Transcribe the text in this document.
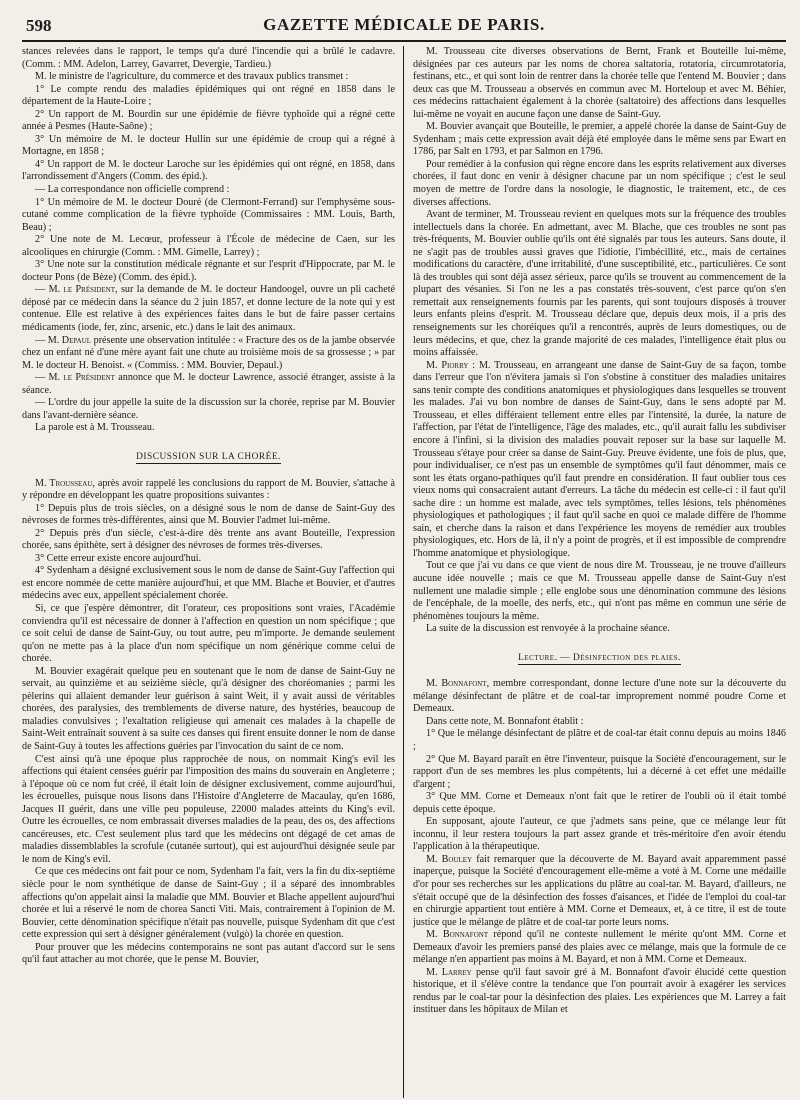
598	GAZETTE MÉDICALE DE PARIS.

stances relevées dans le rapport, le temps qu'a duré l'incendie qui a brûlé le cadavre. (Comm. : MM. Adelon, Larrey, Gavarret, Devergie, Tardieu.)

M. le ministre de l'agriculture, du commerce et des travaux publics transmet :

1° Le compte rendu des maladies épidémiques qui ont régné en 1858 dans le département de la Haute-Loire ;

2° Un rapport de M. Bourdin sur une épidémie de fièvre typhoïde qui a régné cette année à Pesmes (Haute-Saône) ;

3° Un mémoire de M. le docteur Hullin sur une épidémie de croup qui a régné à Mortagne, en 1858 ;

4° Un rapport de M. le docteur Laroche sur les épidémies qui ont régné, en 1858, dans l'arrondissement d'Angers (Comm. des épid.).

— La correspondance non officielle comprend :

1° Un mémoire de M. le docteur Douré (de Clermont-Ferrand) sur l'emphysème sous-cutané comme complication de la fièvre typhoïde (Commissaires : MM. Louis, Barth, Beau) ;

2° Une note de M. Lecœur, professeur à l'École de médecine de Caen, sur les alcooliques en chirurgie (Comm. : MM. Gimelle, Larrey) ;

3° Une note sur la constitution médicale régnante et sur l'esprit d'Hippocrate, par M. le docteur Pons (de Bèze) (Comm. des épid.).

— M. le Président, sur la demande de M. le docteur Handoogel, ouvre un pli cacheté déposé par ce médecin dans la séance du 2 juin 1857, et donne lecture de la note qui y est contenue. Elle est relative à des expériences faites dans le but de faire passer certains médicaments (iode, fer, zinc, arsenic, etc.) dans le lait des animaux.

— M. Depaul présente une observation intitulée : « Fracture des os de la jambe observée chez un enfant né d'une mère ayant fait une chute au troisième mois de sa grossesse ; » par M. le docteur H. Benoist. « (Commiss. : MM. Bouvier, Depaul.)

— M. le Président annonce que M. le docteur Lawrence, associé étranger, assiste à la séance.

— L'ordre du jour appelle la suite de la discussion sur la chorée, reprise par M. Bouvier dans l'avant-dernière séance.

La parole est à M. Trousseau.

DISCUSSION SUR LA CHORÉE.

M. Trousseau, après avoir rappelé les conclusions du rapport de M. Bouvier, s'attache à y répondre en développant les quatre propositions suivantes :

1° Depuis plus de trois siècles, on a désigné sous le nom de danse de Saint-Guy des névroses de formes très-différentes, ainsi que M. Bouvier l'admet lui-même.

2° Depuis près d'un siècle, c'est-à-dire dès trente ans avant Bouteille, l'expression chorée, sans épithète, sert à désigner des névroses de formes très-diverses.

3° Cette erreur existe encore aujourd'hui.

4° Sydenham a désigné exclusivement sous le nom de danse de Saint-Guy l'affection qui est encore nommée de cette manière aujourd'hui, et que MM. Blache et Bouvier, et d'autres médecins avec eux, appellent spécialement chorée.

Si, ce que j'espère démontrer, dit l'orateur, ces propositions sont vraies, l'Académie conviendra qu'il est nécessaire de donner à l'affection en question un nom spécifique ; que ce soit celui de danse de Saint-Guy, ou tout autre, peu m'importe. Je demande seulement qu'on ne mette pas à la place d'un nom spécifique un nom générique comme celui de chorée.

M. Bouvier exagérait quelque peu en soutenant que le nom de danse de Saint-Guy ne servait, au quinzième et au seizième siècle, qu'à désigner des choréomanies ; parmi les pèlerins qui allaient demander leur guérison à saint Weit, il y avait aussi de véritables chorées, des paralysies, des tremblements de diverse nature, des hystéries, beaucoup de maladies convulsives ; l'exaltation religieuse qui amenait ces malades à la chapelle de Saint-Weit entraînait souvent à sa suite ces danses qui firent ensuite donner le nom de danse de Saint-Guy à toutes les affections guéries par l'invocation du saint de ce nom.

C'est ainsi qu'à une époque plus rapprochée de nous, on nommait King's evil les affections qui étaient censées guérir par l'imposition des mains du souverain en Angleterre ; à l'époque où ce nom fut créé, il était loin de désigner exclusivement, comme aujourd'hui, les écrouelles, puisque nous lisons dans l'Histoire d'Angleterre de Macaulay, qu'en 1686, Jacques II guérit, dans une ville peu populeuse, 22000 malades atteints du King's evil. Outre les écrouelles, ce nom embrassait diverses maladies de la peau, des os, des affections cancéreuses, etc. C'est seulement plus tard que les médecins ont dégagé de cet amas de maladies dissemblables la scrofule (cutanée surtout), qui est aujourd'hui désignée seule par le nom de King's evil.

Ce que ces médecins ont fait pour ce nom, Sydenham l'a fait, vers la fin du dix-septième siècle pour le nom synthétique de danse de Saint-Guy ; il a séparé des innombrables affections qu'on appelait ainsi la maladie que MM. Bouvier et Blache appellent aujourd'hui chorée et lui a réservé le nom de chorea Sancti Viti. Mais, contrairement à l'opinion de M. Bouvier, cette dénomination spécifique n'était pas nouvelle, puisque Sydenham dit que c'est cette expression qui sert à désigner généralement (vulgò) la chorée en question.

Pour prouver que les médecins contemporains ne sont pas autant d'accord sur le sens qu'il faut attacher au mot chorée, que le pense M. Bouvier,

M. Trousseau cite diverses observations de Bernt, Frank et Bouteille lui-même, désignées par ces auteurs par les noms de chorea saltatoria, rotatoria, circumrotatoria, festinans, etc., et qui sont loin de rentrer dans la chorée telle que l'entend M. Bouvier ; dans deux cas que M. Trousseau a observés en commun avec M. Horteloup et avec M. Béhier, ces médecins rattachaient également à la chorée (saltatoire) des affections dans lesquelles lui-même ne voyait en aucune façon une danse de Saint-Guy.

M. Bouvier avançait que Bouteille, le premier, a appelé chorée la danse de Saint-Guy de Sydenham ; mais cette expression avait déjà été employée dans le même sens par Ewart en 1786, par Salt en 1793, et par Salmon en 1796.

Pour remédier à la confusion qui règne encore dans les esprits relativement aux diverses chorées, il faut donc en venir à désigner chacune par un nom spécifique ; c'est le seul moyen de mettre de l'ordre dans la nosologie, le diagnostic, le traitement, etc., de ces diverses affections.

Avant de terminer, M. Trousseau revient en quelques mots sur la fréquence des troubles intellectuels dans la chorée. En admettant, avec M. Blache, que ces troubles ne sont pas très-fréquents, M. Bouvier oublie qu'ils ont été signalés par tous les auteurs. Sans doute, il ne s'agit pas de troubles aussi graves que l'idiotie, l'imbécillité, etc., mais de certaines modifications du caractère, d'une irritabilité, d'une susceptibilité, etc., particulières. Ce sont là des troubles qui sont déjà assez sérieux, parce qu'ils se trouvent au commencement de la plupart des vésanies. Si l'on ne les a pas constatés très-souvent, c'est parce qu'on s'en remettait aux renseignements fournis par les parents, qui sont toujours disposés à trouver leurs enfants pleins d'esprit. M. Trousseau déclare que, depuis deux mois, il a pris des renseignements sur les choréiques qu'il a rencontrés, auprès de leurs domestiques, ou de leurs médecins, et que, chez la grande majorité de ces malades, l'intelligence était plus ou moins affaissée.

M. Piorry : M. Trousseau, en arrangeant une danse de Saint-Guy de sa façon, tombe dans l'erreur que l'on n'évitera jamais si l'on s'obstine à constituer des maladies unitaires sans tenir compte des conditions anatomiques et physiologiques dans lesquelles se trouvent les malades. J'ai vu bon nombre de danses de Saint-Guy, dans le sens adopté par M. Trousseau, et elles différaient tellement entre elles par l'intensité, la durée, la nature de l'affection, par l'état de l'intelligence, l'âge des malades, etc., qu'il aurait fallu les subdiviser encore à l'infini, si la division des maladies pouvait reposer sur la base sur laquelle M. Trousseau s'étaye pour créer sa danse de Saint-Guy. Preuve évidente, une fois de plus, que, pour individualiser, ce n'est pas un ensemble de symptômes qu'il faut dénommer, mais ce sont les états organo-pathiques qu'il faut prendre en considération. Il faut oublier tous ces vieux noms qui consacraient autant d'erreurs. La tâche du médecin est celle-ci : il faut qu'il sache dire : un homme est malade, avec tels symptômes, telles lésions, tels phénomènes physiologiques et pathologiques ; il faut qu'il sache en quoi ce malade diffère de l'homme sain, et cherche dans la raison et dans l'expérience les moyens de remédier aux troubles physiologiques, etc. Hors de là, il n'y a point de progrès, et il est impossible de comprendre l'homme anatomique et physiologique.

Tout ce que j'ai vu dans ce que vient de nous dire M. Trousseau, je ne trouve d'ailleurs aucune idée nouvelle ; mais ce que M. Trousseau appelle danse de Saint-Guy n'est nullement une maladie simple ; elle englobe sous une dénomination commune des lésions de l'encéphale, de la moelle, des nerfs, etc., qui n'ont pas même en commun une série de phénomènes toujours la même.

La suite de la discussion est renvoyée à la prochaine séance.

Lecture. — Désinfection des plaies.

M. Bonnafont, membre correspondant, donne lecture d'une note sur la découverte du mélange désinfectant de plâtre et de coal-tar improprement nommé poudre Corne et Demeaux.

Dans cette note, M. Bonnafont établit :

1° Que le mélange désinfectant de plâtre et de coal-tar était connu depuis au moins 1846 ;

2° Que M. Bayard paraît en être l'inventeur, puisque la Société d'encouragement, sur le rapport d'un de ses membres les plus compétents, lui a décerné à cet effet une médaille d'argent ;

3° Que MM. Corne et Demeaux n'ont fait que le retirer de l'oubli où il était tombé depuis cette époque.

En supposant, ajoute l'auteur, ce que j'admets sans peine, que ce mélange leur fût inconnu, il leur restera toujours la part assez grande et très-méritoire d'en avoir étendu l'application à la thérapeutique.

M. Bouley fait remarquer que la découverte de M. Bayard avait apparemment passé inaperçue, puisque la Société d'encouragement elle-même a voté à M. Corne une médaille d'or pour ses recherches sur les applications du plâtre au coal-tar. M. Bayard, d'ailleurs, ne s'était occupé que de la désinfection des fosses d'aisances, et l'idée de l'emploi du coal-tar en chirurgie appartient tout entière à MM. Corne et Demeaux, et, à ce titre, il est de toute justice que le mélange de plâtre et de coal-tar porte leurs noms.

M. Bonnafont répond qu'il ne conteste nullement le mérite qu'ont MM. Corne et Demeaux d'avoir les premiers pansé des plaies avec ce mélange, mais que la formule de ce mélange n'en appartient pas moins à M. Bayard, et non à MM. Corne et Demeaux.

M. Larrey pense qu'il faut savoir gré à M. Bonnafont d'avoir élucidé cette question historique, et il s'élève contre la tendance que l'on pourrait avoir à exagérer les services rendus par le coal-tar pour la désinfection des plaies. Les expériences que M. Larrey a fait instituer dans les hôpitaux de Milan et
